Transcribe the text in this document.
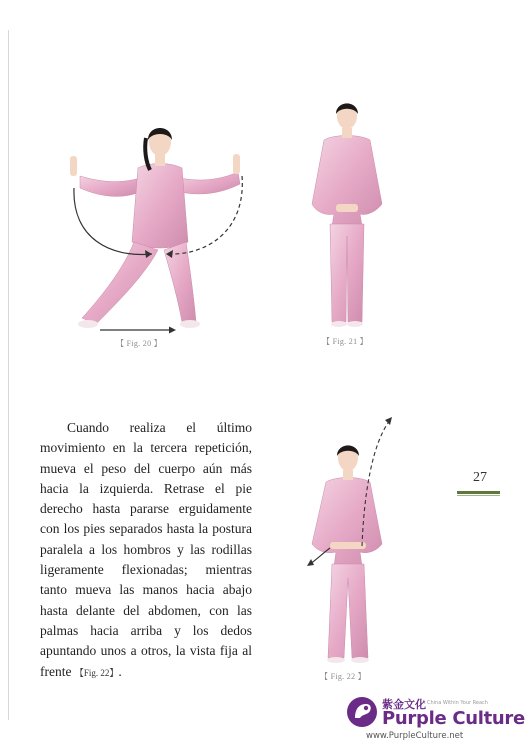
【 Fig. 20 】	【 Fig. 21 】

Cuando realiza el último movimiento en la tercera repetición, mueva el peso del cuerpo aún más hacia la izquierda. Retrase el pie derecho hasta pararse erguidamente con los pies separados hasta la postura paralela a los hombros y las rodillas ligeramente flexionadas; mientras tanto mueva las manos hacia abajo hasta delante del abdomen, con las palmas hacia arriba y los dedos apuntando unos a otros, la vista fija al frente 【Fig. 22】.	【 Fig. 22 】
27
紫金文化
A China Within Your Reach
Purple Culture
www.PurpleCulture.net
